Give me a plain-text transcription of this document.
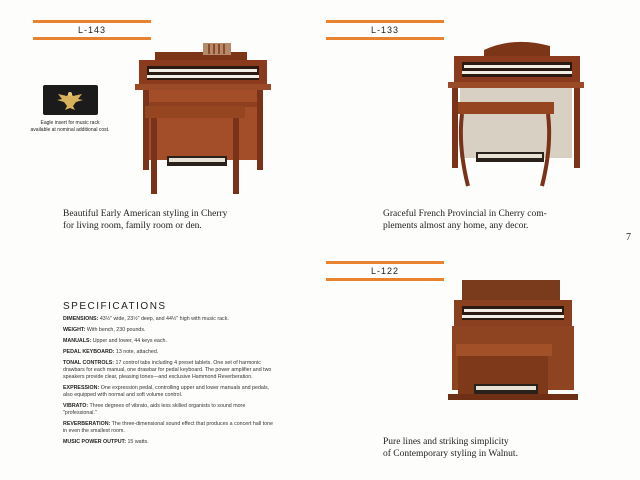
L-143	L-133
L-122
Eagle insert for music rack
available at nominal additional cost.
Beautiful Early American styling in Cherry
for living room, family room or den.
Graceful French Provincial in Cherry com-
plements almost any home, any decor.
Pure lines and striking simplicity
of Contemporary styling in Walnut.
7
SPECIFICATIONS

DIMENSIONS: 43½" wide, 23½" deep, and 44½" high with music rack.

WEIGHT: With bench, 230 pounds.

MANUALS: Upper and lower, 44 keys each.

PEDAL KEYBOARD: 13 note, attached.

TONAL CONTROLS: 17 control tabs including 4 preset tablets. One set of harmonic drawbars for each manual, one drawbar for pedal keyboard. The power amplifier and two speakers provide clear, pleasing tones—and exclusive Hammond Reverberation.

EXPRESSION: One expression pedal, controlling upper and lower manuals and pedals, also equipped with normal and soft volume control.

VIBRATO: Three degrees of vibrato, aids less skilled organists to sound more "professional."

REVERBERATION: The three-dimensional sound effect that produces a concert hall tone in even the smallest room.

MUSIC POWER OUTPUT: 15 watts.
